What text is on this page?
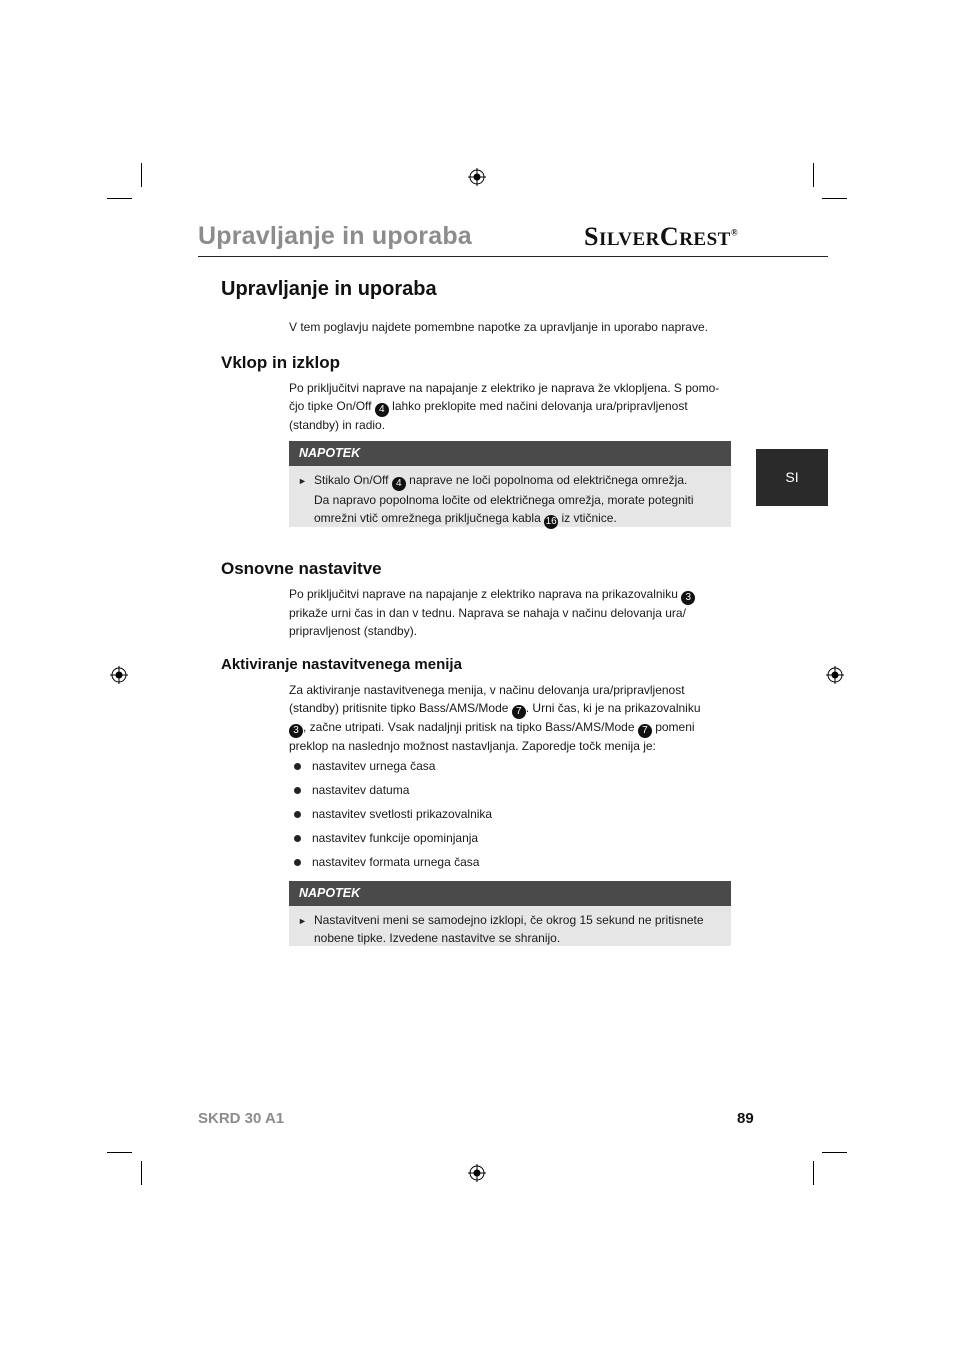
Upravljanje in uporaba	SILVERCREST®
SI
Upravljanje in uporaba
V tem poglavju najdete pomembne napotke za upravljanje in uporabo naprave.
Vklop in izklop
Po priključitvi naprave na napajanje z elektriko je naprava že vklopljena. S pomo-
čjo tipke On/Off 4 lahko preklopite med načini delovanja ura/pripravljenost
(standby) in radio.
NAPOTEK
► Stikalo On/Off 4 naprave ne loči popolnoma od električnega omrežja.
Da napravo popolnoma ločite od električnega omrežja, morate potegniti
omrežni vtič omrežnega priključnega kabla 16 iz vtičnice.
Osnovne nastavitve
Po priključitvi naprave na napajanje z elektriko naprava na prikazovalniku 3
prikaže urni čas in dan v tednu. Naprava se nahaja v načinu delovanja ura/
pripravljenost (standby).
Aktiviranje nastavitvenega menija
Za aktiviranje nastavitvenega menija, v načinu delovanja ura/pripravljenost
(standby) pritisnite tipko Bass/AMS/Mode 7 . Urni čas, ki je na prikazovalniku
3 , začne utripati. Vsak nadaljnji pritisk na tipko Bass/AMS/Mode 7 pomeni
preklop na naslednjo možnost nastavljanja. Zaporedje točk menija je:
nastavitev urnega časa
nastavitev datuma
nastavitev svetlosti prikazovalnika
nastavitev funkcije opominjanja
nastavitev formata urnega časa
NAPOTEK
► Nastavitveni meni se samodejno izklopi, če okrog 15 sekund ne pritisnete
nobene tipke. Izvedene nastavitve se shranijo.
SKRD 30 A1	89
